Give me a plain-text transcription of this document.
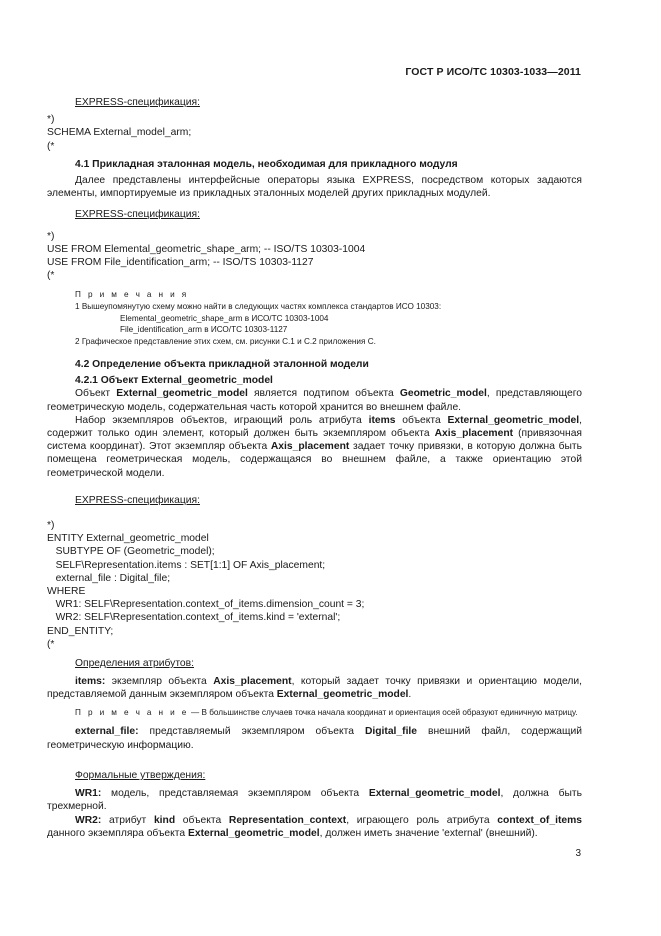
ГОСТ Р ИСО/ТС 10303-1033—2011

EXPRESS-спецификация:

*)

SCHEMA External_model_arm;

(*

4.1 Прикладная эталонная модель, необходимая для прикладного модуля

Далее представлены интерфейсные операторы языка EXPRESS, посредством которых задаются элементы, импортируемые из прикладных эталонных моделей других прикладных модулей.

EXPRESS-спецификация:

*)

USE FROM Elemental_geometric_shape_arm; -- ISO/TS 10303-1004

USE FROM File_identification_arm; -- ISO/TS 10303-1127

(*

П р и м е ч а н и я

1 Вышеупомянутую схему можно найти в следующих частях комплекса стандартов ИСО 10303:

Elemental_geometric_shape_arm в ИСО/ТС 10303-1004

File_identification_arm в ИСО/ТС 10303-1127

2 Графическое представление этих схем, см. рисунки C.1 и C.2 приложения C.

4.2 Определение объекта прикладной эталонной модели

4.2.1 Объект External_geometric_model

Объект External_geometric_model является подтипом объекта Geometric_model, представляющего геометрическую модель, содержательная часть которой хранится во внешнем файле.

Набор экземпляров объектов, играющий роль атрибута items объекта External_geometric_model, содержит только один элемент, который должен быть экземпляром объекта Axis_placement (привязочная система координат). Этот экземпляр объекта Axis_placement задает точку привязки, в которую должна быть помещена геометрическая модель, содержащаяся во внешнем файле, а также ориентацию этой геометрической модели.

EXPRESS-спецификация:

*)

ENTITY External_geometric_model

SUBTYPE OF (Geometric_model);

SELF\Representation.items : SET[1:1] OF Axis_placement;

external_file : Digital_file;

WHERE

WR1: SELF\Representation.context_of_items.dimension_count = 3;

WR2: SELF\Representation.context_of_items.kind = 'external';

END_ENTITY;

(*

Определения атрибутов:

items: экземпляр объекта Axis_placement, который задает точку привязки и ориентацию модели, представляемой данным экземпляром объекта External_geometric_model.

П р и м е ч а н и е — В большинстве случаев точка начала координат и ориентация осей образуют единичную матрицу.

external_file: представляемый экземпляром объекта Digital_file внешний файл, содержащий геометрическую информацию.

Формальные утверждения:

WR1: модель, представляемая экземпляром объекта External_geometric_model, должна быть трехмерной.

WR2: атрибут kind объекта Representation_context, играющего роль атрибута context_of_items данного экземпляра объекта External_geometric_model, должен иметь значение 'external' (внешний).

3
